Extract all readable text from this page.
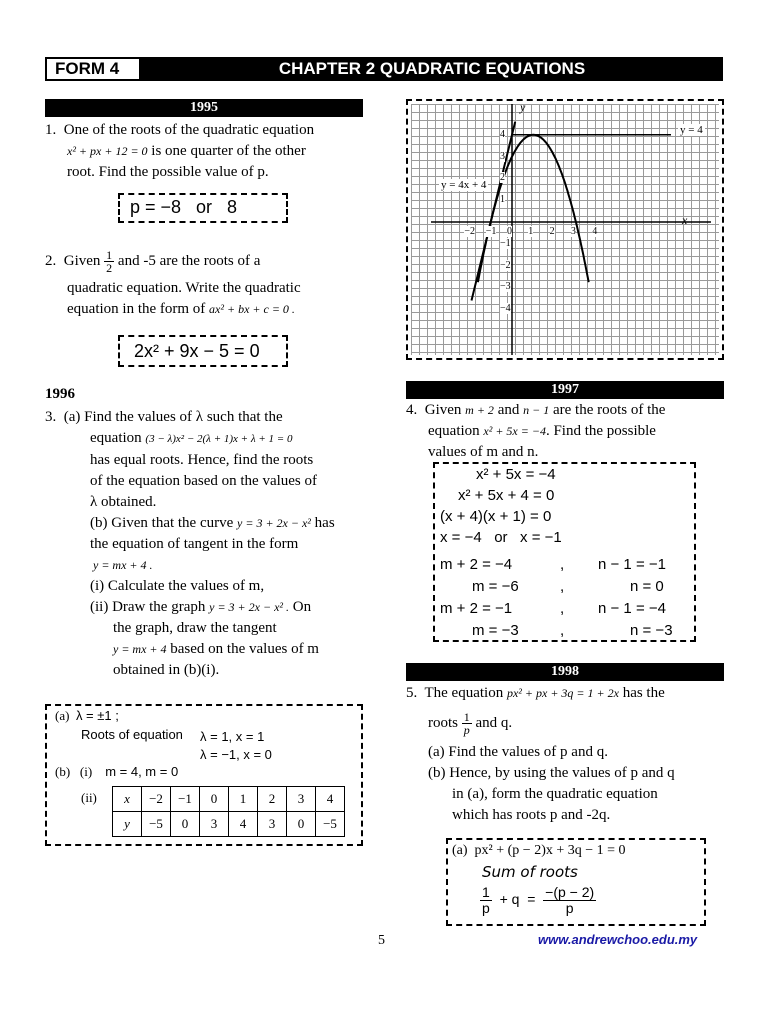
FORM 4	CHAPTER 2 QUADRATIC EQUATIONS
1995
1. One of the roots of the quadratic equation
x² + px + 12 = 0 is one quarter of the other
root. Find the possible value of p.
p = −8   or   8
2. Given $\frac{1}{2}$ and -5 are the roots of a
quadratic equation. Write the quadratic
equation in the form of ax² + bx + c = 0 .
2x² + 9x − 5 = 0
1996
3. (a) Find the values of λ such that the
equation (3 − λ)x² − 2(λ + 1)x + λ + 1 = 0
has equal roots. Hence, find the roots
of the equation based on the values of
λ obtained.
(b) Given that the curve y = 3 + 2x − x² has
the equation of tangent in the form
y = mx + 4 .
(i) Calculate the values of m,
(ii) Draw the graph y = 3 + 2x − x² . On
the graph, draw the tangent
y = mx + 4 based on the values of m
obtained in (b)(i).
(a) λ = ±1 ;
Roots of equation λ = 1, x = 1
λ = −1, x = 0
(b) (i) m = 4, m = 0
(ii) x	−2	−1	0	1	2	3	4
y	−5	0	3	4	3	0	−5
y
x
y = 4
y = 4x + 4
−2 −1 0 1 2 3 4
4
3
2
1
−1
−2
−3
−4
1997
4. Given m + 2 and n − 1 are the roots of the
equation x² + 5x = −4. Find the possible
values of m and n.
x² + 5x = −4
x² + 5x + 4 = 0
(x + 4)(x + 1) = 0
x = −4   or   x = −1
m + 2 = −4	, n − 1 = −1
m = −6	,	n = 0
m + 2 = −1	, n − 1 = −4
m = −3	,	n = −3
1998
5. The equation px² + px + 3q = 1 + 2x has the
roots $\frac{1}{p}$ and q.
(a) Find the values of p and q.
(b) Hence, by using the values of p and q
in (a), form the quadratic equation
which has roots p and -2q.
(a)  px² + (p − 2)x + 3q − 1 = 0
Sum of roots
$\frac{1}{p} + q = \frac{-(p - 2)}{p}$
5	www.andrewchoo.edu.my
